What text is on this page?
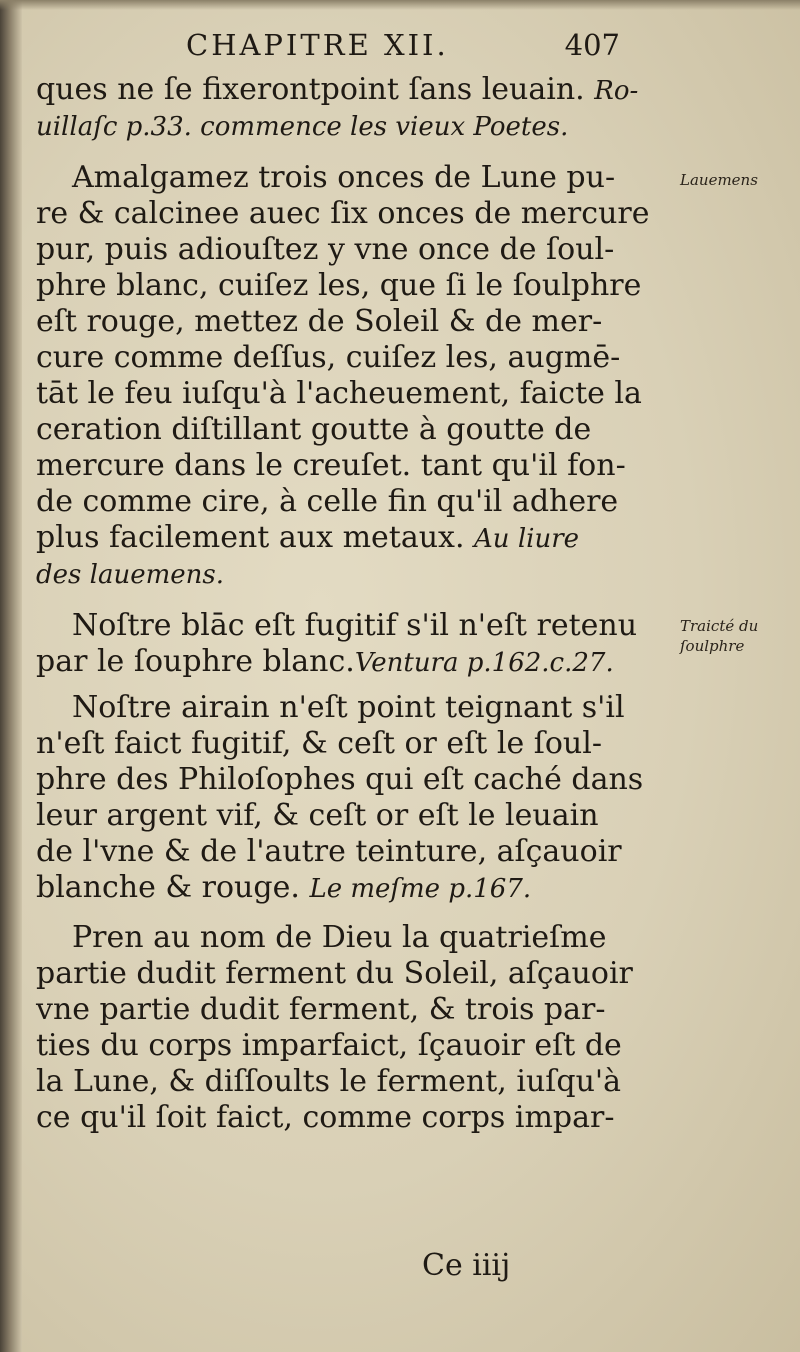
CHAPITRE XII.	407
ques ne ſe fixerontpoint ſans leuain. Ro-
uillaſc p.33. commence les vieux Poetes.
Amalgamez trois onces de Lune pu-
re & calcinee auec ſix onces de mercure
pur, puis adiouſtez y vne once de ſoul-
phre blanc, cuiſez les, que ſi le ſoulphre
eſt rouge, mettez de Soleil & de mer-
cure comme deſſus, cuiſez les, augmē-
tāt le feu iuſqu'à l'acheuement, faicte la
ceration diſtillant goutte à goutte de
mercure dans le creuſet. tant qu'il fon-
de comme cire, à celle fin qu'il adhere
plus facilement aux metaux. Au liure
des lauemens.
Noſtre blāc eſt fugitif s'il n'eſt retenu
par le ſouphre blanc.Ventura p.162.c.27.
Noſtre airain n'eſt point teignant s'il
n'eſt faict fugitif, & ceſt or eſt le ſoul-
phre des Philoſophes qui eſt caché dans
leur argent vif, & ceſt or eſt le leuain
de l'vne & de l'autre teinture, aſçauoir
blanche & rouge. Le meſme p.167.
Pren au nom de Dieu la quatrieſme
partie dudit ferment du Soleil, aſçauoir
vne partie dudit ferment, & trois par-
ties du corps imparfaict, ſçauoir eſt de
la Lune, & diſſoults le ferment, iuſqu'à
ce qu'il ſoit faict, comme corps impar-
Lauemens
Traicté du
ſoulphre
Ce iiij
